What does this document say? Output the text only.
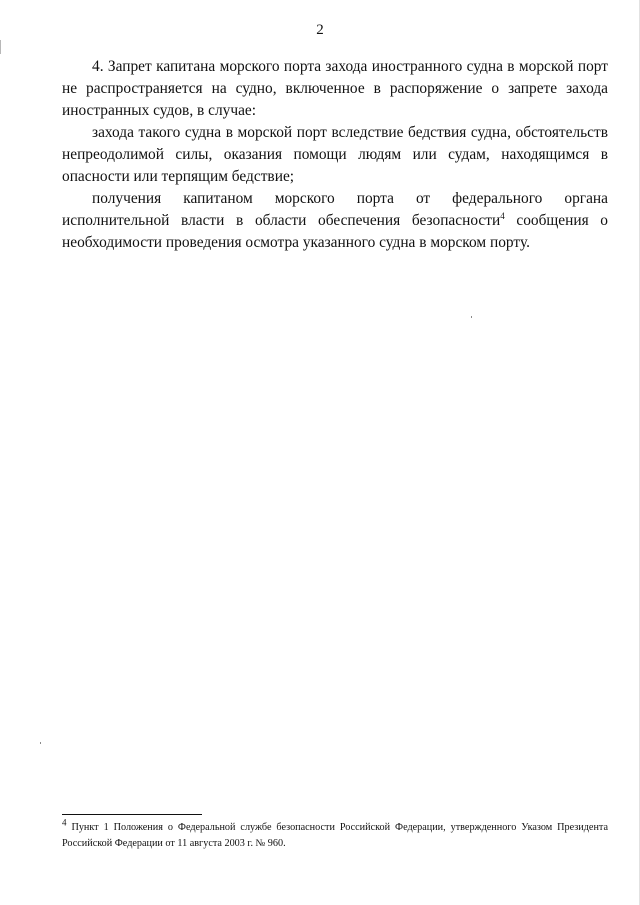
2

4. Запрет капитана морского порта захода иностранного судна в морской порт не распространяется на судно, включенное в распоряжение о запрете захода иностранных судов, в случае:

захода такого судна в морской порт вследствие бедствия судна, обстоятельств непреодолимой силы, оказания помощи людям или судам, находящимся в опасности или терпящим бедствие;

получения капитаном морского порта от федерального органа исполнительной власти в области обеспечения безопасности$^4$ сообщения о необходимости проведения осмотра указанного судна в морском порту.

$^4$ Пункт 1 Положения о Федеральной службе безопасности Российской Федерации, утвержденного Указом Президента Российской Федерации от 11 августа 2003 г. № 960.
